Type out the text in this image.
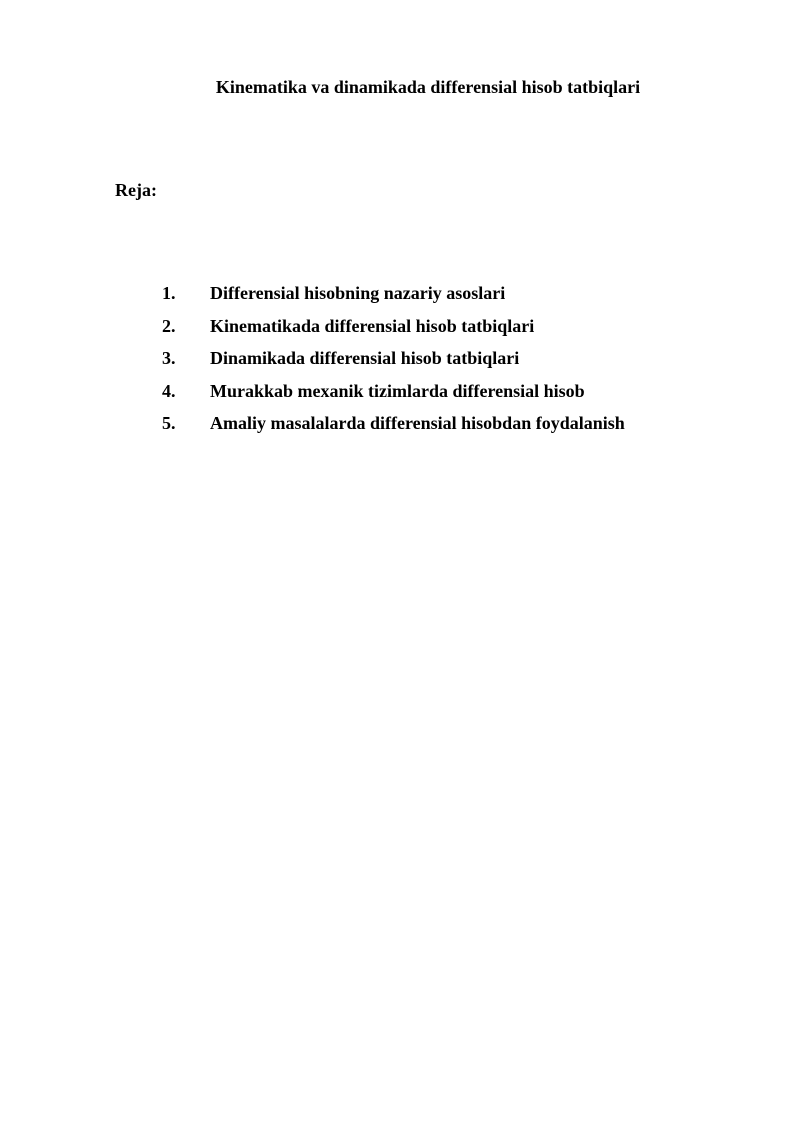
Kinematika va dinamikada differensial hisob tatbiqlari
Reja:
1.	Differensial hisobning nazariy asoslari
2.	Kinematikada differensial hisob tatbiqlari
3.	Dinamikada differensial hisob tatbiqlari
4.	Murakkab mexanik tizimlarda differensial hisob
5.	Amaliy masalalarda differensial hisobdan foydalanish
